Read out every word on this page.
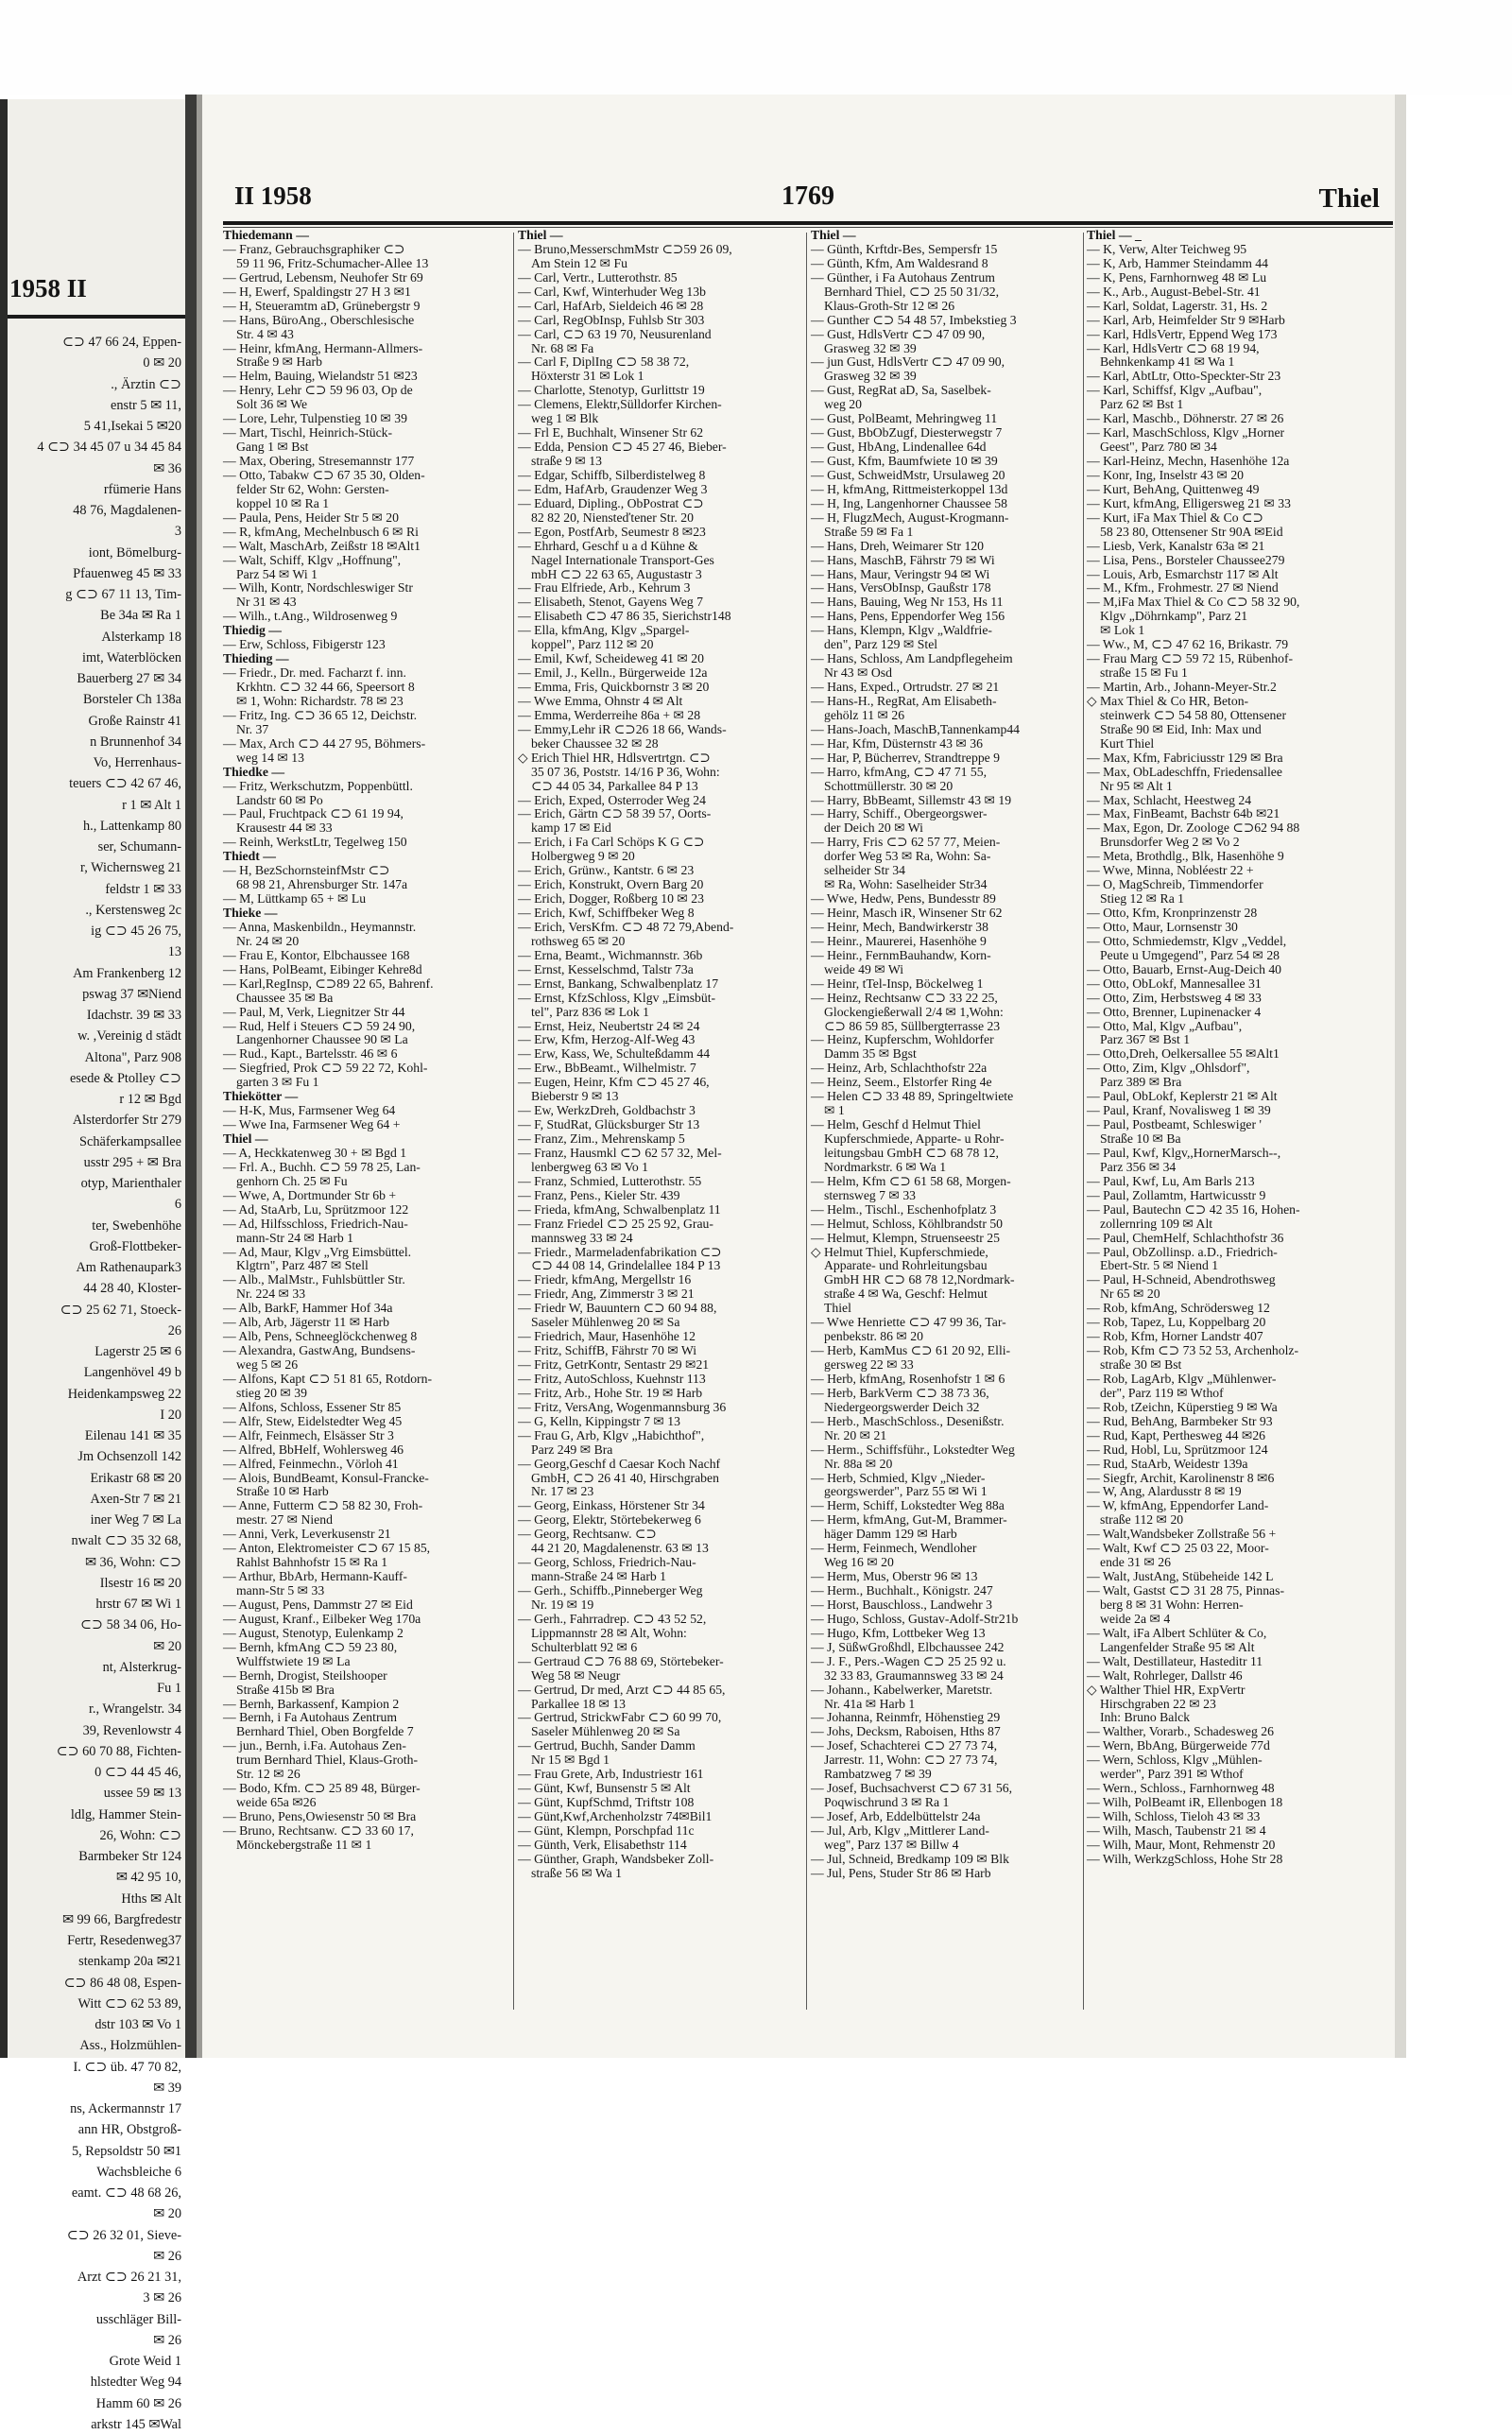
1958 II
⊂⊃ 47 66 24, Eppen-
0 ✉ 20
., Ärztin ⊂⊃
enstr 5 ✉ 11,
5 41,Isekai 5 ✉20
4 ⊂⊃ 34 45 07 u 34 45 84
✉ 36
rfümerie Hans
48 76, Magdalenen-
3
iont, Bömelburg-
Pfauenweg 45 ✉ 33
g ⊂⊃ 67 11 13, Tim-
Be 34a ✉ Ra 1
Alsterkamp 18
imt, Waterblöcken
Bauerberg 27 ✉ 34
Borsteler Ch 138a
Große Rainstr 41
n Brunnenhof 34
Vo, Herrenhaus-
teuers ⊂⊃ 42 67 46,
r 1 ✉ Alt 1
h., Lattenkamp 80
ser, Schumann-
r, Wichernsweg 21
feldstr 1 ✉ 33
., Kerstensweg 2c
ig ⊂⊃ 45 26 75,
13
Am Frankenberg 12
pswag 37 ✉Niend
Idachstr. 39 ✉ 33
w. ,Vereinig d städt
Altona", Parz 908
esede & Ptolley ⊂⊃
r 12 ✉ Bgd
Alsterdorfer Str 279
Schäferkampsallee
usstr 295 + ✉ Bra
otyp, Marienthaler
6
ter, Swebenhöhe
Groß-Flottbeker-
Am Rathenaupark3
44 28 40, Kloster-
⊂⊃ 25 62 71, Stoeck-
26
Lagerstr 25 ✉ 6
Langenhövel 49 b
Heidenkampsweg 22
I 20
Eilenau 141 ✉ 35
Jm Ochsenzoll 142
Erikastr 68 ✉ 20
Axen-Str 7 ✉ 21
iner Weg 7 ✉ La
nwalt ⊂⊃ 35 32 68,
✉ 36, Wohn: ⊂⊃
Ilsestr 16 ✉ 20
hrstr 67 ✉ Wi 1
⊂⊃ 58 34 06, Ho-
✉ 20
nt, Alsterkrug-
Fu 1
r., Wrangelstr. 34
39, Revenlowstr 4
⊂⊃ 60 70 88, Fichten-
0 ⊂⊃ 44 45 46,
ussee 59 ✉ 13
ldlg, Hammer Stein-
26, Wohn: ⊂⊃
Barmbeker Str 124
✉ 42 95 10,
Hths ✉ Alt
✉ 99 66, Bargfredestr
Fertr, Resedenweg37
stenkamp 20a ✉21
⊂⊃ 86 48 08, Espen-
Witt ⊂⊃ 62 53 89,
dstr 103 ✉ Vo 1
Ass., Holzmühlen-
I. ⊂⊃ üb. 47 70 82,
✉ 39
ns, Ackermannstr 17
ann HR, Obstgroß-
5, Repsoldstr 50 ✉1
Wachsbleiche 6
eamt. ⊂⊃ 48 68 26,
✉ 20
⊂⊃ 26 32 01, Sieve-
✉ 26
Arzt ⊂⊃ 26 21 31,
3 ✉ 26
usschläger Bill-
✉ 26
Grote Weid 1
hlstedter Weg 94
Hamm 60 ✉ 26
arkstr 145 ✉Wal
II 1958	1769	Thiel
Thiedemann —
— Franz, Gebrauchsgraphiker ⊂⊃
59 11 96, Fritz-Schumacher-Allee 13
— Gertrud, Lebensm, Neuhofer Str 69
— H, Ewerf, Spaldingstr 27 H 3 ✉1
— H, Steueramtm aD, Grünebergstr 9
— Hans, BüroAng., Oberschlesische
Str. 4 ✉ 43
— Heinr, kfmAng, Hermann-Allmers-
Straße 9 ✉ Harb
— Helm, Bauing, Wielandstr 51 ✉23
— Henry, Lehr ⊂⊃ 59 96 03, Op de
Solt 36 ✉ We
— Lore, Lehr, Tulpenstieg 10 ✉ 39
— Mart, Tischl, Heinrich-Stück-
Gang 1 ✉ Bst
— Max, Obering, Stresemannstr 177
— Otto, Tabakw ⊂⊃ 67 35 30, Olden-
felder Str 62, Wohn: Gersten-
koppel 10 ✉ Ra 1
— Paula, Pens, Heider Str 5 ✉ 20
— R, kfmAng, Mechelnbusch 6 ✉ Ri
— Walt, MaschArb, Zeißstr 18 ✉Alt1
— Walt, Schiff, Klgv „Hoffnung",
Parz 54 ✉ Wi 1
— Wilh, Kontr, Nordschleswiger Str
Nr 31 ✉ 43
— Wilh., t.Ang., Wildrosenweg 9
Thiedig —
— Erw, Schloss, Fibigerstr 123
Thieding —
— Friedr., Dr. med. Facharzt f. inn.
Krkhtn. ⊂⊃ 32 44 66, Speersort 8
✉ 1, Wohn: Richardstr. 78 ✉ 23
— Fritz, Ing. ⊂⊃ 36 65 12, Deichstr.
Nr. 37
— Max, Arch ⊂⊃ 44 27 95, Böhmers-
weg 14 ✉ 13
Thiedke —
— Fritz, Werkschutzm, Poppenbüttl.
Landstr 60 ✉ Po
— Paul, Fruchtpack ⊂⊃ 61 19 94,
Krausestr 44 ✉ 33
— Reinh, WerkstLtr, Tegelweg 150
Thiedt —
— H, BezSchornsteinfMstr ⊂⊃
68 98 21, Ahrensburger Str. 147a
— M, Lüttkamp 65 + ✉ Lu
Thieke —
— Anna, Maskenbildn., Heymannstr.
Nr. 24 ✉ 20
— Frau E, Kontor, Elbchaussee 168
— Hans, PolBeamt, Eibinger Kehre8d
— Karl,RegInsp, ⊂⊃89 22 65, Bahrenf.
Chaussee 35 ✉ Ba
— Paul, M, Verk, Liegnitzer Str 44
— Rud, Helf i Steuers ⊂⊃ 59 24 90,
Langenhorner Chaussee 90 ✉ La
— Rud., Kapt., Bartelsstr. 46 ✉ 6
— Siegfried, Prok ⊂⊃ 59 22 72, Kohl-
garten 3 ✉ Fu 1
Thiekötter —
— H-K, Mus, Farmsener Weg 64
— Wwe Ina, Farmsener Weg 64 +
Thiel —
— A, Heckkatenweg 30 + ✉ Bgd 1
— Frl. A., Buchh. ⊂⊃ 59 78 25, Lan-
genhorn Ch. 25 ✉ Fu
— Wwe, A, Dortmunder Str 6b +
— Ad, StaArb, Lu, Sprützmoor 122
— Ad, Hilfsschloss, Friedrich-Nau-
mann-Str 24 ✉ Harb 1
— Ad, Maur, Klgv „Vrg Eimsbüttel.
Klgtrn", Parz 487 ✉ Stell
— Alb., MalMstr., Fuhlsbüttler Str.
Nr. 224 ✉ 33
— Alb, BarkF, Hammer Hof 34a
— Alb, Arb, Jägerstr 11 ✉ Harb
— Alb, Pens, Schneeglöckchenweg 8
— Alexandra, GastwAng, Bundsens-
weg 5 ✉ 26
— Alfons, Kapt ⊂⊃ 51 81 65, Rotdorn-
stieg 20 ✉ 39
— Alfons, Schloss, Essener Str 85
— Alfr, Stew, Eidelstedter Weg 45
— Alfr, Feinmech, Elsässer Str 3
— Alfred, BbHelf, Wohlersweg 46
— Alfred, Feinmechn., Vörloh 41
— Alois, BundBeamt, Konsul-Francke-
Straße 10 ✉ Harb
— Anne, Futterm ⊂⊃ 58 82 30, Froh-
mestr. 27 ✉ Niend
— Anni, Verk, Leverkusenstr 21
— Anton, Elektromeister ⊂⊃ 67 15 85,
Rahlst Bahnhofstr 15 ✉ Ra 1
— Arthur, BbArb, Hermann-Kauff-
mann-Str 5 ✉ 33
— August, Pens, Dammstr 27 ✉ Eid
— August, Kranf., Eilbeker Weg 170a
— August, Stenotyp, Eulenkamp 2
— Bernh, kfmAng ⊂⊃ 59 23 80,
Wulffstwiete 19 ✉ La
— Bernh, Drogist, Steilshooper
Straße 415b ✉ Bra
— Bernh, Barkassenf, Kampion 2
— Bernh, i Fa Autohaus Zentrum
Bernhard Thiel, Oben Borgfelde 7
— jun., Bernh, i.Fa. Autohaus Zen-
trum Bernhard Thiel, Klaus-Groth-
Str. 12 ✉ 26
— Bodo, Kfm. ⊂⊃ 25 89 48, Bürger-
weide 65a ✉26
— Bruno, Pens,Owiesenstr 50 ✉ Bra
— Bruno, Rechtsanw. ⊂⊃ 33 60 17,
Mönckebergstraße 11 ✉ 1
Thiel —
— Bruno,MesserschmMstr ⊂⊃59 26 09,
Am Stein 12 ✉ Fu
— Carl, Vertr., Lutterothstr. 85
— Carl, Kwf, Winterhuder Weg 13b
— Carl, HafArb, Sieldeich 46 ✉ 28
— Carl, RegObInsp, Fuhlsb Str 303
— Carl, ⊂⊃ 63 19 70, Neusurenland
Nr. 68 ✉ Fa
— Carl F, DiplIng ⊂⊃ 58 38 72,
Höxterstr 31 ✉ Lok 1
— Charlotte, Stenotyp, Gurlittstr 19
— Clemens, Elektr,Sülldorfer Kirchen-
weg 1 ✉ Blk
— Frl E, Buchhalt, Winsener Str 62
— Edda, Pension ⊂⊃ 45 27 46, Bieber-
straße 9 ✉ 13
— Edgar, Schiffb, Silberdistelweg 8
— Edm, HafArb, Graudenzer Weg 3
— Eduard, Dipling., ObPostrat ⊂⊃
82 82 20, Niensteďtener Str. 20
— Egon, PostfArb, Seumestr 8 ✉23
— Ehrhard, Geschf u a d Kühne &
Nagel Internationale Transport-Ges
mbH ⊂⊃ 22 63 65, Augustastr 3
— Frau Elfriede, Arb., Kehrum 3
— Elisabeth, Stenot, Gayens Weg 7
— Elisabeth ⊂⊃ 47 86 35, Sierichstr148
— Ella, kfmAng, Klgv „Spargel-
koppel", Parz 112 ✉ 20
— Emil, Kwf, Scheideweg 41 ✉ 20
— Emil, J., Kelln., Bürgerweide 12a
— Emma, Fris, Quickbornstr 3 ✉ 20
— Wwe Emma, Ohnstr 4 ✉ Alt
— Emma, Werderreihe 86a + ✉ 28
— Emmy,Lehr iR ⊂⊃26 18 66, Wands-
beker Chaussee 32 ✉ 28
◇ Erich Thiel HR, Hdlsvertrtgn. ⊂⊃
35 07 36, Poststr. 14/16 P 36, Wohn:
⊂⊃ 44 05 34, Parkallee 84 P 13
— Erich, Exped, Osterroder Weg 24
— Erich, Gärtn ⊂⊃ 58 39 57, Oorts-
kamp 17 ✉ Eid
— Erich, i Fa Carl Schöps K G ⊂⊃
Holbergweg 9 ✉ 20
— Erich, Grünw., Kantstr. 6 ✉ 23
— Erich, Konstrukt, Overn Barg 20
— Erich, Dogger, Roßberg 10 ✉ 23
— Erich, Kwf, Schiffbeker Weg 8
— Erich, VersKfm. ⊂⊃ 48 72 79,Abend-
rothsweg 65 ✉ 20
— Erna, Beamt., Wichmannstr. 36b
— Ernst, Kesselschmd, Talstr 73a
— Ernst, Bankang, Schwalbenplatz 17
— Ernst, KfzSchloss, Klgv „Eimsbüt-
tel", Parz 836 ✉ Lok 1
— Ernst, Heiz, Neubertstr 24 ✉ 24
— Erw, Kfm, Herzog-Alf-Weg 43
— Erw, Kass, We, Schulteßdamm 44
— Erw., BbBeamt., Wilhelmistr. 7
— Eugen, Heinr, Kfm ⊂⊃ 45 27 46,
Bieberstr 9 ✉ 13
— Ew, WerkzDreh, Goldbachstr 3
— F, StudRat, Glücksburger Str 13
— Franz, Zim., Mehrenskamp 5
— Franz, Hausmkl ⊂⊃ 62 57 32, Mel-
lenbergweg 63 ✉ Vo 1
— Franz, Schmied, Lutterothstr. 55
— Franz, Pens., Kieler Str. 439
— Frieda, kfmAng, Schwalbenplatz 11
— Franz Friedel ⊂⊃ 25 25 92, Grau-
mannsweg 33 ✉ 24
— Friedr., Marmeladenfabrikation ⊂⊃
⊂⊃ 44 08 14, Grindelallee 184 P 13
— Friedr, kfmAng, Mergellstr 16
— Friedr, Ang, Zimmerstr 3 ✉ 21
— Friedr W, Bauuntern ⊂⊃ 60 94 88,
Saseler Mühlenweg 20 ✉ Sa
— Friedrich, Maur, Hasenhöhe 12
— Fritz, SchiffB, Fährstr 70 ✉ Wi
— Fritz, GetrKontr, Sentastr 29 ✉21
— Fritz, AutoSchloss, Kuehnstr 113
— Fritz, Arb., Hohe Str. 19 ✉ Harb
— Fritz, VersAng, Wogenmannsburg 36
— G, Kelln, Kippingstr 7 ✉ 13
— Frau G, Arb, Klgv „Habichthof",
Parz 249 ✉ Bra
— Georg,Geschf d Caesar Koch Nachf
GmbH, ⊂⊃ 26 41 40, Hirschgraben
Nr. 17 ✉ 23
— Georg, Einkass, Hörstener Str 34
— Georg, Elektr, Störtebekerweg 6
— Georg, Rechtsanw. ⊂⊃
44 21 20, Magdalenenstr. 63 ✉ 13
— Georg, Schloss, Friedrich-Nau-
mann-Straße 24 ✉ Harb 1
— Gerh., Schiffb.,Pinneberger Weg
Nr. 19 ✉ 19
— Gerh., Fahrradrep. ⊂⊃ 43 52 52,
Lippmannstr 28 ✉ Alt, Wohn:
Schulterblatt 92 ✉ 6
— Gertraud ⊂⊃ 76 88 69, Störtebeker-
Weg 58 ✉ Neugr
— Gertrud, Dr med, Arzt ⊂⊃ 44 85 65,
Parkallee 18 ✉ 13
— Gertrud, StrickwFabr ⊂⊃ 60 99 70,
Saseler Mühlenweg 20 ✉ Sa
— Gertrud, Buchh, Sander Damm
Nr 15 ✉ Bgd 1
— Frau Grete, Arb, Industriestr 161
— Günt, Kwf, Bunsenstr 5 ✉ Alt
— Günt, KupfSchmd, Triftstr 108
— Günt,Kwf,Archenholzstr 74✉Bil1
— Günt, Klempn, Porschpfad 11c
— Günth, Verk, Elisabethstr 114
— Günther, Graph, Wandsbeker Zoll-
straße 56 ✉ Wa 1
Thiel —
— Günth, Krftdr-Bes, Sempersfr 15
— Günth, Kfm, Am Waldesrand 8
— Günther, i Fa Autohaus Zentrum
Bernhard Thiel, ⊂⊃ 25 50 31/32,
Klaus-Groth-Str 12 ✉ 26
— Gunther ⊂⊃ 54 48 57, Imbekstieg 3
— Gust, HdlsVertr ⊂⊃ 47 09 90,
Grasweg 32 ✉ 39
— jun Gust, HdlsVertr ⊂⊃ 47 09 90,
Grasweg 32 ✉ 39
— Gust, RegRat aD, Sa, Saselbek-
weg 20
— Gust, PolBeamt, Mehringweg 11
— Gust, BbObZugf, Diesterwegstr 7
— Gust, HbAng, Lindenallee 64d
— Gust, Kfm, Baumfwiete 10 ✉ 39
— Gust, SchweidMstr, Ursulaweg 20
— H, kfmAng, Rittmeisterkoppel 13d
— H, Ing, Langenhorner Chaussee 58
— H, FlugzMech, August-Krogmann-
Straße 59 ✉ Fa 1
— Hans, Dreh, Weimarer Str 120
— Hans, MaschB, Fährstr 79 ✉ Wi
— Hans, Maur, Veringstr 94 ✉ Wi
— Hans, VersObInsp, Gaußstr 178
— Hans, Bauing, Weg Nr 153, Hs 11
— Hans, Pens, Eppendorfer Weg 156
— Hans, Klempn, Klgv „Waldfrie-
den", Parz 129 ✉ Stel
— Hans, Schloss, Am Landpflegeheim
Nr 43 ✉ Osd
— Hans, Exped., Ortrudstr. 27 ✉ 21
— Hans-H., RegRat, Am Elisabeth-
gehölz 11 ✉ 26
— Hans-Joach, MaschB,Tannenkamp44
— Har, Kfm, Düsternstr 43 ✉ 36
— Har, P, Bücherrev, Strandtreppe 9
— Harro, kfmAng, ⊂⊃ 47 71 55,
Schottmüllerstr. 30 ✉ 20
— Harry, BbBeamt, Sillemstr 43 ✉ 19
— Harry, Schiff., Obergeorgswer-
der Deich 20 ✉ Wi
— Harry, Fris ⊂⊃ 62 57 77, Meien-
dorfer Weg 53 ✉ Ra, Wohn: Sa-
selheider Str 34
✉ Ra, Wohn: Saselheider Str34
— Wwe, Hedw, Pens, Bundesstr 89
— Heinr, Masch iR, Winsener Str 62
— Heinr, Mech, Bandwirkerstr 38
— Heinr., Maurerei, Hasenhöhe 9
— Heinr., FernmBauhandw, Korn-
weide 49 ✉ Wi
— Heinr, tTel-Insp, Böckelweg 1
— Heinz, Rechtsanw ⊂⊃ 33 22 25,
Glockengießerwall 2/4 ✉ 1,Wohn:
⊂⊃ 86 59 85, Süllbergterrasse 23
— Heinz, Kupferschm, Wohldorfer
Damm 35 ✉ Bgst
— Heinz, Arb, Schlachthofstr 22a
— Heinz, Seem., Elstorfer Ring 4e
— Helen ⊂⊃ 33 48 89, Springeltwiete
✉ 1
— Helm, Geschf d Helmut Thiel
Kupferschmiede, Apparte- u Rohr-
leitungsbau GmbH ⊂⊃ 68 78 12,
Nordmarkstr. 6 ✉ Wa 1
— Helm, Kfm ⊂⊃ 61 58 68, Morgen-
sternsweg 7 ✉ 33
— Helm., Tischl., Eschenhofplatz 3
— Helmut, Schloss, Köhlbrandstr 50
— Helmut, Klempn, Struenseestr 25
◇ Helmut Thiel, Kupferschmiede,
Apparate- und Rohrleitungsbau
GmbH HR ⊂⊃ 68 78 12,Nordmark-
straße 4 ✉ Wa, Geschf: Helmut
Thiel
— Wwe Henriette ⊂⊃ 47 99 36, Tar-
penbekstr. 86 ✉ 20
— Herb, KamMus ⊂⊃ 61 20 92, Elli-
gersweg 22 ✉ 33
— Herb, kfmAng, Rosenhofstr 1 ✉ 6
— Herb, BarkVerm ⊂⊃ 38 73 36,
Niedergeorgswerder Deich 32
— Herb., MaschSchloss., Desenißstr.
Nr. 20 ✉ 21
— Herm., Schiffsführ., Lokstedter Weg
Nr. 88a ✉ 20
— Herb, Schmied, Klgv „Nieder-
georgswerder", Parz 55 ✉ Wi 1
— Herm, Schiff, Lokstedter Weg 88a
— Herm, kfmAng, Gut-M, Brammer-
häger Damm 129 ✉ Harb
— Herm, Feinmech, Wendloher
Weg 16 ✉ 20
— Herm, Mus, Oberstr 96 ✉ 13
— Herm., Buchhalt., Königstr. 247
— Horst, Bauschloss., Landwehr 3
— Hugo, Schloss, Gustav-Adolf-Str21b
— Hugo, Kfm, Lottbeker Weg 13
— J, SüßwGroßhdl, Elbchaussee 242
— J. F., Pers.-Wagen ⊂⊃ 25 25 92 u.
32 33 83, Graumannsweg 33 ✉ 24
— Johann., Kabelwerker, Maretstr.
Nr. 41a ✉ Harb 1
— Johanna, Reinmfr, Höhenstieg 29
— Johs, Decksm, Raboisen, Hths 87
— Josef, Schachterei ⊂⊃ 27 73 74,
Jarrestr. 11, Wohn: ⊂⊃ 27 73 74,
Rambatzweg 7 ✉ 39
— Josef, Buchsachverst ⊂⊃ 67 31 56,
Poqwischrund 3 ✉ Ra 1
— Josef, Arb, Eddelbüttelstr 24a
— Jul, Arb, Klgv „Mittlerer Land-
weg", Parz 137 ✉ Billw 4
— Jul, Schneid, Bredkamp 109 ✉ Blk
— Jul, Pens, Studer Str 86 ✉ Harb
Thiel — _
— K, Verw, Alter Teichweg 95
— K, Arb, Hammer Steindamm 44
— K, Pens, Farnhornweg 48 ✉ Lu
— K., Arb., August-Bebel-Str. 41
— Karl, Soldat, Lagerstr. 31, Hs. 2
— Karl, Arb, Heimfelder Str 9 ✉Harb
— Karl, HdlsVertr, Eppend Weg 173
— Karl, HdlsVertr ⊂⊃ 68 19 94,
Behnkenkamp 41 ✉ Wa 1
— Karl, AbtLtr, Otto-Speckter-Str 23
— Karl, Schiffsf, Klgv „Aufbau",
Parz 62 ✉ Bst 1
— Karl, Maschb., Döhnerstr. 27 ✉ 26
— Karl, MaschSchloss, Klgv „Horner
Geest", Parz 780 ✉ 34
— Karl-Heinz, Mechn, Hasenhöhe 12a
— Konr, Ing, Inselstr 43 ✉ 20
— Kurt, BehAng, Quittenweg 49
— Kurt, kfmAng, Elligersweg 21 ✉ 33
— Kurt, iFa Max Thiel & Co ⊂⊃
58 23 80, Ottensener Str 90A ✉Eid
— Liesb, Verk, Kanalstr 63a ✉ 21
— Lisa, Pens., Borsteler Chaussee279
— Louis, Arb, Esmarchstr 117 ✉ Alt
— M., Kfm., Frohmestr. 27 ✉ Niend
— M,iFa Max Thiel & Co ⊂⊃ 58 32 90,
Klgv „Döhrnkamp", Parz 21
✉ Lok 1
— Ww., M, ⊂⊃ 47 62 16, Brikastr. 79
— Frau Marg ⊂⊃ 59 72 15, Rübenhof-
straße 15 ✉ Fu 1
— Martin, Arb., Johann-Meyer-Str.2
◇ Max Thiel & Co HR, Beton-
steinwerk ⊂⊃ 54 58 80, Ottensener
Straße 90 ✉ Eid, Inh: Max und
Kurt Thiel
— Max, Kfm, Fabriciusstr 129 ✉ Bra
— Max, ObLadeschffn, Friedensallee
Nr 95 ✉ Alt 1
— Max, Schlacht, Heestweg 24
— Max, FinBeamt, Bachstr 64b ✉21
— Max, Egon, Dr. Zoologe ⊂⊃62 94 88
Brunsdorfer Weg 2 ✉ Vo 2
— Meta, Brothdlg., Blk, Hasenhöhe 9
— Wwe, Minna, Nobléestr 22 +
— O, MagSchreib, Timmendorfer
Stieg 12 ✉ Ra 1
— Otto, Kfm, Kronprinzenstr 28
— Otto, Maur, Lornsenstr 30
— Otto, Schmiedemstr, Klgv „Veddel,
Peute u Umgegend", Parz 54 ✉ 28
— Otto, Bauarb, Ernst-Aug-Deich 40
— Otto, ObLokf, Mannesallee 31
— Otto, Zim, Herbstsweg 4 ✉ 33
— Otto, Brenner, Lupinenacker 4
— Otto, Mal, Klgv „Aufbau",
Parz 367 ✉ Bst 1
— Otto,Dreh, Oelkersallee 55 ✉Alt1
— Otto, Zim, Klgv „Ohlsdorf",
Parz 389 ✉ Bra
— Paul, ObLokf, Keplerstr 21 ✉ Alt
— Paul, Kranf, Novalisweg 1 ✉ 39
— Paul, Postbeamt, Schleswiger '
Straße 10 ✉ Ba
— Paul, Kwf, Klgv,,HornerMarsch--,
Parz 356 ✉ 34
— Paul, Kwf, Lu, Am Barls 213
— Paul, Zollamtm, Hartwicusstr 9
— Paul, Bautechn ⊂⊃ 42 35 16, Hohen-
zollernring 109 ✉ Alt
— Paul, ChemHelf, Schlachthofstr 36
— Paul, ObZollinsp. a.D., Friedrich-
Ebert-Str. 5 ✉ Niend 1
— Paul, H-Schneid, Abendrothsweg
Nr 65 ✉ 20
— Rob, kfmAng, Schrödersweg 12
— Rob, Tapez, Lu, Koppelbarg 20
— Rob, Kfm, Horner Landstr 407
— Rob, Kfm ⊂⊃ 73 52 53, Archenholz-
straße 30 ✉ Bst
— Rob, LagArb, Klgv „Mühlenwer-
der", Parz 119 ✉ Wthof
— Rob, tZeichn, Küperstieg 9 ✉ Wa
— Rud, BehAng, Barmbeker Str 93
— Rud, Kapt, Perthesweg 44 ✉26
— Rud, Hobl, Lu, Sprützmoor 124
— Rud, StaArb, Weidestr 139a
— Siegfr, Archit, Karolinenstr 8 ✉6
— W, Ang, Alardusstr 8 ✉ 19
— W, kfmAng, Eppendorfer Land-
straße 112 ✉ 20
— Walt,Wandsbeker Zollstraße 56 +
— Walt, Kwf ⊂⊃ 25 03 22, Moor-
ende 31 ✉ 26
— Walt, JustAng, Stübeheide 142 L
— Walt, Gastst ⊂⊃ 31 28 75, Pinnas-
berg 8 ✉ 31 Wohn: Herren-
weide 2a ✉ 4
— Walt, iFa Albert Schlüter & Co,
Langenfelder Straße 95 ✉ Alt
— Walt, Destillateur, Hasteditr 11
— Walt, Rohrleger, Dallstr 46
◇ Walther Thiel HR, ExpVertr
Hirschgraben 22 ✉ 23
Inh: Bruno Balck
— Walther, Vorarb., Schadesweg 26
— Wern, BbAng, Bürgerweide 77d
— Wern, Schloss, Klgv „Mühlen-
werder", Parz 391 ✉ Wthof
— Wern., Schloss., Farnhornweg 48
— Wilh, PolBeamt iR, Ellenbogen 18
— Wilh, Schloss, Tieloh 43 ✉ 33
— Wilh, Masch, Taubenstr 21 ✉ 4
— Wilh, Maur, Mont, Rehmenstr 20
— Wilh, WerkzgSchloss, Hohe Str 28
